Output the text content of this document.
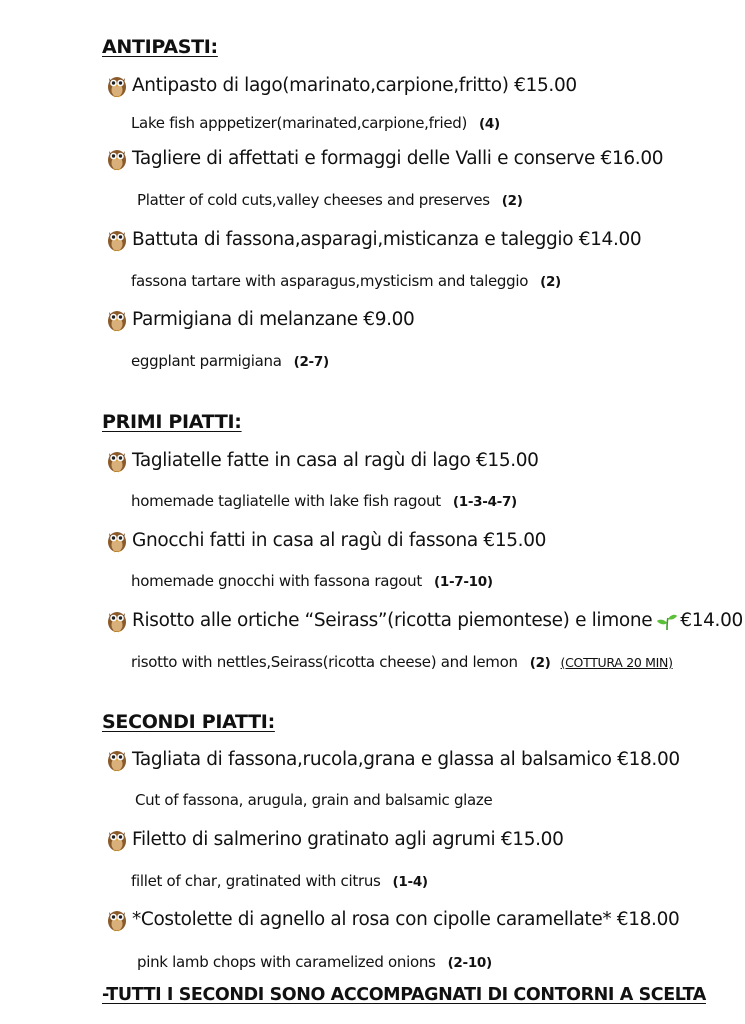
ANTIPASTI:
Antipasto di lago(marinato,carpione,fritto) €15.00
Lake fish apppetizer(marinated,carpione,fried) (4)
Tagliere di affettati e formaggi delle Valli e conserve €16.00
Platter of cold cuts,valley cheeses and preserves (2)
Battuta di fassona,asparagi,misticanza e taleggio €14.00
fassona tartare with asparagus,mysticism and taleggio (2)
Parmigiana di melanzane €9.00
eggplant parmigiana (2-7)
PRIMI PIATTI:
Tagliatelle fatte in casa al ragù di lago €15.00
homemade tagliatelle with lake fish ragout (1-3-4-7)
Gnocchi fatti in casa al ragù di fassona €15.00
homemade gnocchi with fassona ragout (1-7-10)
Risotto alle ortiche “Seirass”(ricotta piemontese) e limone €14.00
risotto with nettles,Seirass(ricotta cheese) and lemon (2) (COTTURA 20 MIN)
SECONDI PIATTI:
Tagliata di fassona,rucola,grana e glassa al balsamico €18.00
Cut of fassona, arugula, grain and balsamic glaze
Filetto di salmerino gratinato agli agrumi €15.00
fillet of char, gratinated with citrus (1-4)
*Costolette di agnello al rosa con cipolle caramellate* €18.00
pink lamb chops with caramelized onions (2-10)
-TUTTI I SECONDI SONO ACCOMPAGNATI DI CONTORNI A SCELTA
